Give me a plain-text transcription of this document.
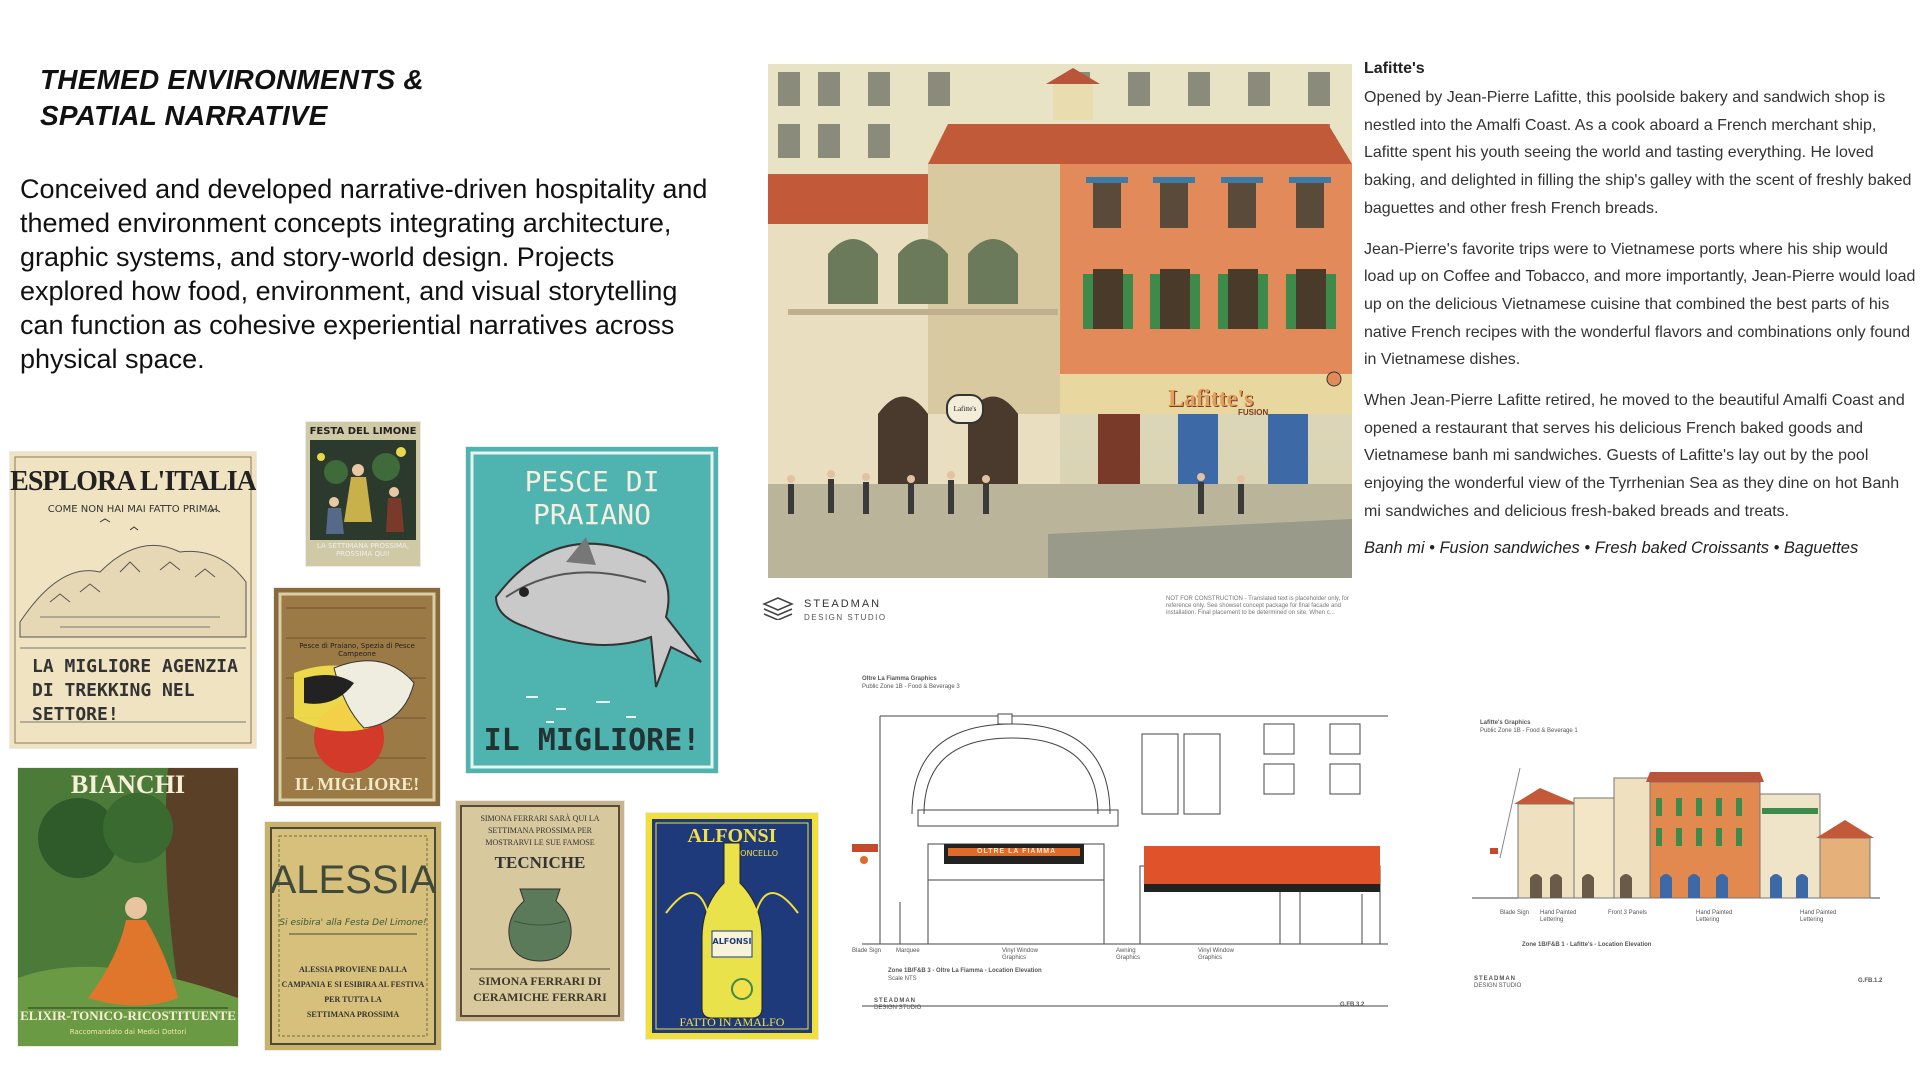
THEMED ENVIRONMENTS &
SPATIAL NARRATIVE
Conceived and developed narrative-driven hospitality and themed environment concepts integrating architecture, graphic systems, and story-world design. Projects explored how food, environment, and visual storytelling can function as cohesive experiential narratives across physical space.
ESPLORA L'ITALIA
COME NON HAI MAI FATTO PRIMA!
LA MIGLIORE AGENZIA
DI TREKKING NEL
SETTORE!
FESTA DEL LIMONE
LA SETTIMANA PROSSIMA, PROSSIMA QUI!
PESCE DI PRAIANO
IL MIGLIORE!
Pesce di Praiano, Spezia di Pesce Campeone
IL MIGLIORE!
BIANCHI
ELIXIR-TONICO-RICOSTITUENTE
Raccomandato dai Medici Dottori
ALESSIA
Si esibira' alla Festa Del Limone!
ALESSIA PROVIENE DALLA
CAMPANIA E SI ESIBIRA AL FESTIVA
PER TUTTA LA
SETTIMANA PROSSIMA
SIMONA FERRARI SARÀ QUI LA
SETTIMANA PROSSIMA PER
MOSTRARVI LE SUE FAMOSE
TECNICHE
SIMONA FERRARI DI
CERAMICHE FERRARI
ALFONSI
LIMONCELLO
ALFONSI
FATTO IN AMALFO
Lafitte's
FUSION
Lafitte's
STEADMAN
DESIGN STUDIO
NOT FOR CONSTRUCTION - Translated text is placeholder only, for reference only. See showset concept package for final facade and installation. Final placement to be determined on site. When c...
Lafitte's

Opened by Jean-Pierre Lafitte, this poolside bakery and sandwich shop is nestled into the Amalfi Coast. As a cook aboard a French merchant ship, Lafitte spent his youth seeing the world and tasting everything. He loved baking, and delighted in filling the ship's galley with the scent of freshly baked baguettes and other fresh French breads.

Jean-Pierre's favorite trips were to Vietnamese ports where his ship would load up on Coffee and Tobacco, and more importantly, Jean-Pierre would load up on the delicious Vietnamese cuisine that combined the best parts of his native French recipes with the wonderful flavors and combinations only found in Vietnamese dishes.

When Jean-Pierre Lafitte retired, he moved to the beautiful Amalfi Coast and opened a restaurant that serves his delicious French baked goods and Vietnamese banh mi sandwiches. Guests of Lafitte's lay out by the pool enjoying the wonderful view of the Tyrrhenian Sea as they dine on hot Banh mi sandwiches and delicious fresh-baked breads and treats.

Banh mi • Fusion sandwiches • Fresh baked Croissants • Baguettes
Oltre La Fiamma Graphics
Public Zone 1B - Food & Beverage 3
OLTRE LA FIAMMA
Blade Sign Marquee	Vinyl Window Graphics
Awning Graphics
Vinyl Window Graphics
Zone 1B/F&B 3 - Oltre La Fiamma - Location Elevation
Scale NTS
STEADMAN
DESIGN STUDIO	G.FB.3.2
Lafitte's Graphics
Public Zone 1B - Food & Beverage 1
Blade Sign Hand Painted Lettering
Front 3 Panels	Hand Painted Lettering
Hand Painted Lettering
Zone 1B/F&B 1 - Lafitte's - Location Elevation
STEADMAN
DESIGN STUDIO
G.FB.1.2
